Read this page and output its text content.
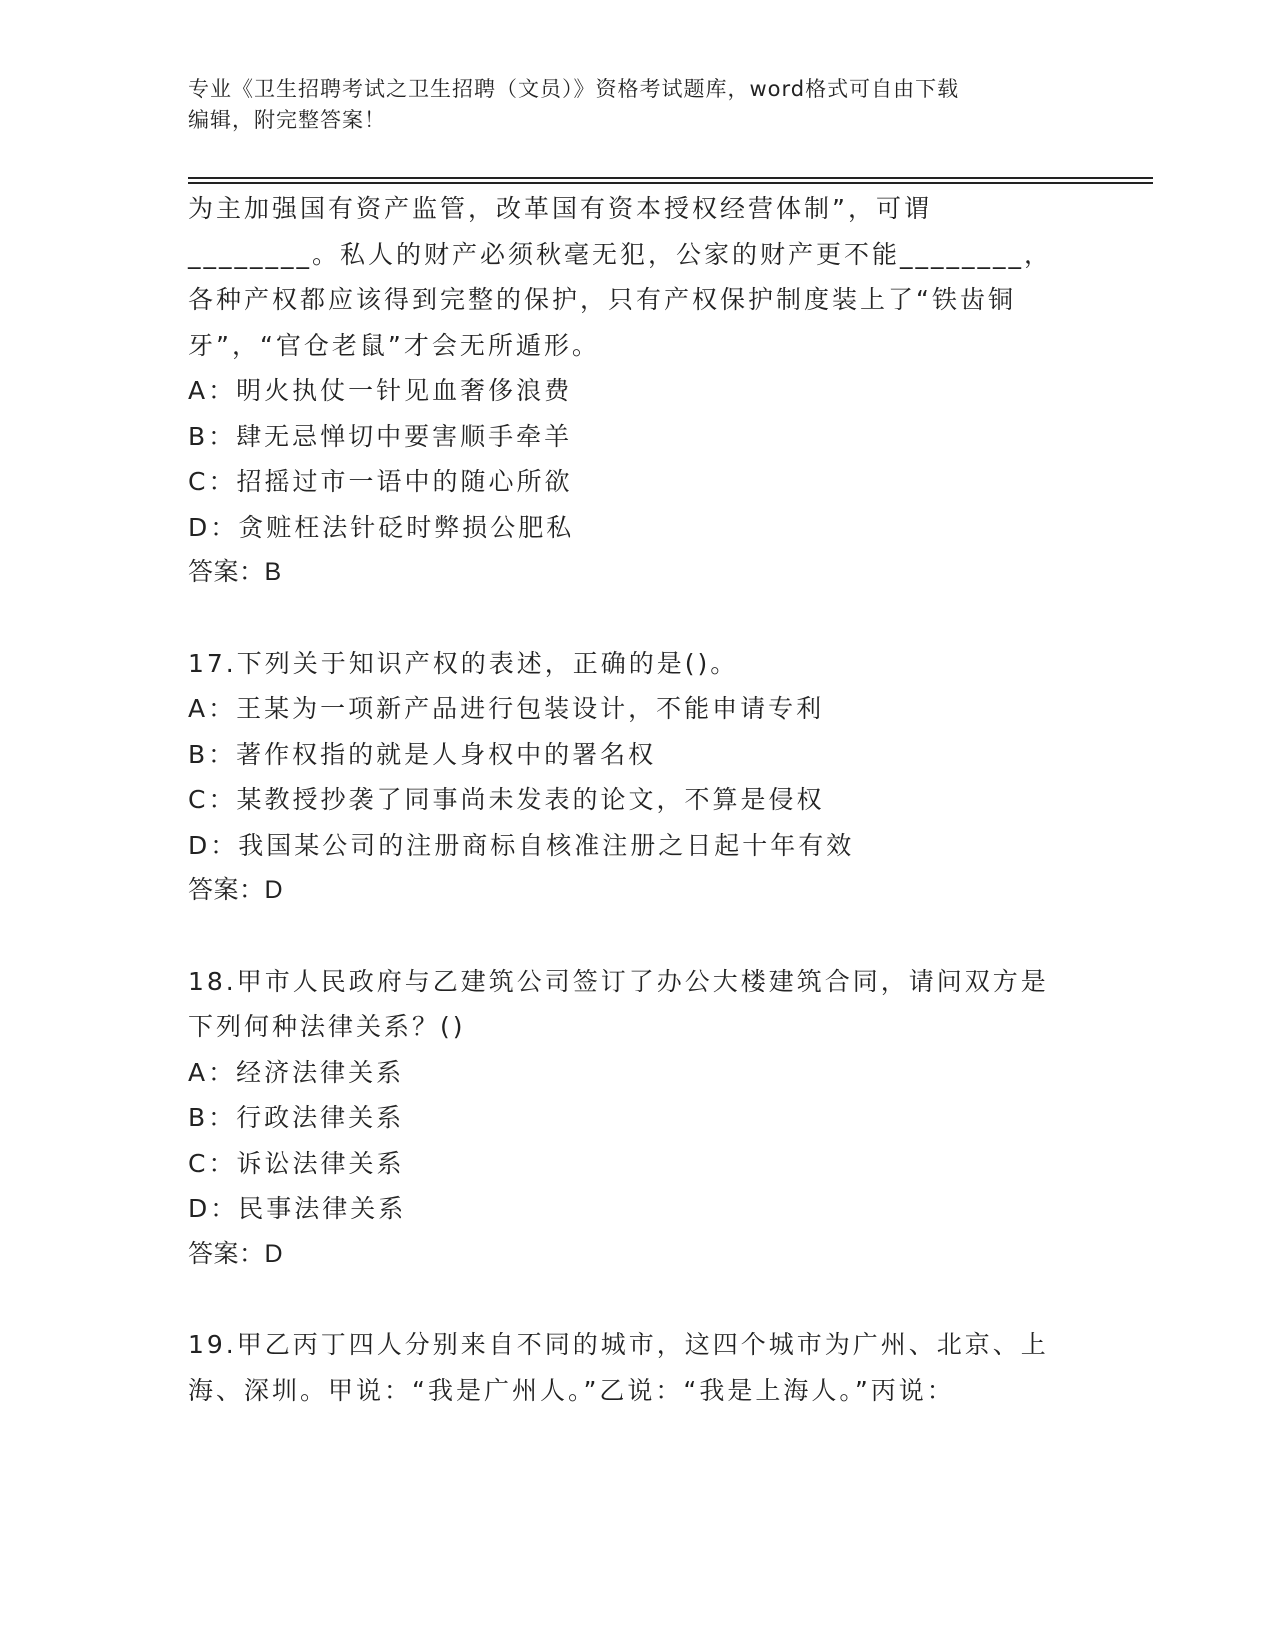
专业《卫生招聘考试之卫生招聘（文员）》资格考试题库，word格式可自由下载
编辑，附完整答案！

为主加强国有资产监管，改革国有资本授权经营体制”，可谓

________。私人的财产必须秋毫无犯，公家的财产更不能________，

各种产权都应该得到完整的保护，只有产权保护制度装上了“铁齿铜

牙”，“官仓老鼠”才会无所遁形。

A：明火执仗一针见血奢侈浪费

B：肆无忌惮切中要害顺手牵羊

C：招摇过市一语中的随心所欲

D：贪赃枉法针砭时弊损公肥私

答案：B

17.下列关于知识产权的表述，正确的是()。

A：王某为一项新产品进行包装设计，不能申请专利

B：著作权指的就是人身权中的署名权

C：某教授抄袭了同事尚未发表的论文，不算是侵权

D：我国某公司的注册商标自核准注册之日起十年有效

答案：D

18.甲市人民政府与乙建筑公司签订了办公大楼建筑合同，请问双方是

下列何种法律关系？()

A：经济法律关系

B：行政法律关系

C：诉讼法律关系

D：民事法律关系

答案：D

19.甲乙丙丁四人分别来自不同的城市，这四个城市为广州、北京、上

海、深圳。甲说：“我是广州人。”乙说：“我是上海人。”丙说：
